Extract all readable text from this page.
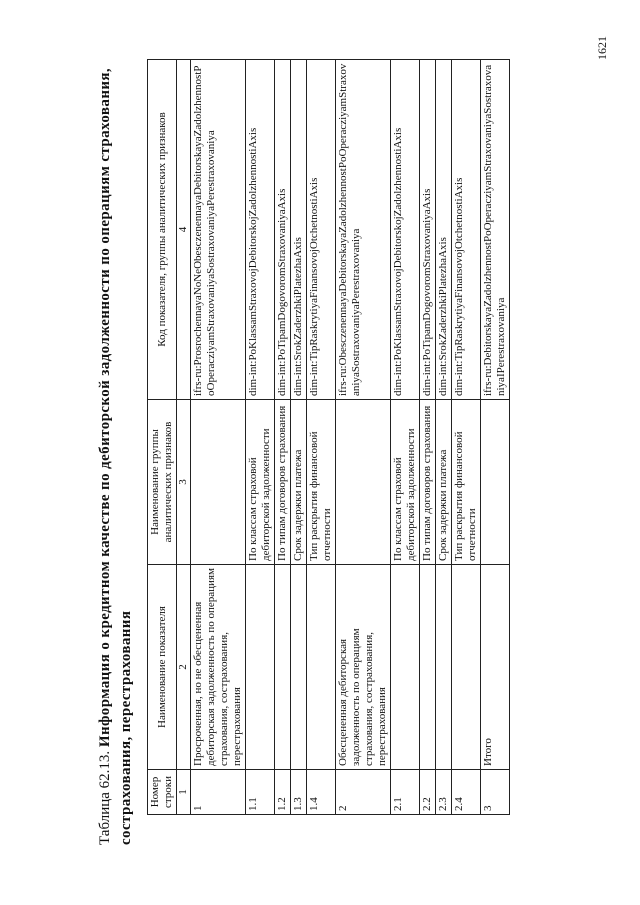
Таблица 62.13. Информация о кредитном качестве по дебиторской задолженности по операциям страхования, сострахования, перестрахования Номер строки	Наименование показателя	Наименование группы аналитических признаков	Код показателя, группы аналитических признаков
1	2	3	4
1	Просроченная, но не обесцененная дебиторская задолженность по операциям страхования, сострахования, перестрахования		ifrs-ru:ProsrochennayaNoNeObesczenennayaDebitorskayaZadolzhennostPoOperacziyamStraxovaniyaSostraxovaniyaPerestraxovaniya
1.1		По классам страховой дебиторской задолженности	dim-int:PoKlassamStraxovojDebitorskojZadolzhennostiAxis
1.2		По типам договоров страхования	dim-int:PoTipamDogovoromStraxovaniyaAxis
1.3		Срок задержки платежа	dim-int:SrokZaderzhkiPlatezhaAxis
1.4		Тип раскрытия финансовой отчетности	dim-int:TipRaskrytiyaFinansovojOtchetnostiAxis
2	Обесцененная дебиторская задолженность по операциям страхования, сострахования, перестрахования		ifrs-ru:ObesczenennayaDebitorskayaZadolzhennostPoOperacziyamStraxovaniyaSostraxovaniyaPerestraxovaniya
2.1		По классам страховой дебиторской задолженности	dim-int:PoKlassamStraxovojDebitorskojZadolzhennostiAxis
2.2		По типам договоров страхования	dim-int:PoTipamDogovoromStraxovaniyaAxis
2.3		Срок задержки платежа	dim-int:SrokZaderzhkiPlatezhaAxis
2.4		Тип раскрытия финансовой отчетности	dim-int:TipRaskrytiyaFinansovojOtchetnostiAxis
3	Итого		ifrs-ru:DebitorskayaZadolzhennostPoOperacziyamStraxovaniyaSostraxovaniyaIPerestraxovaniya
1621
